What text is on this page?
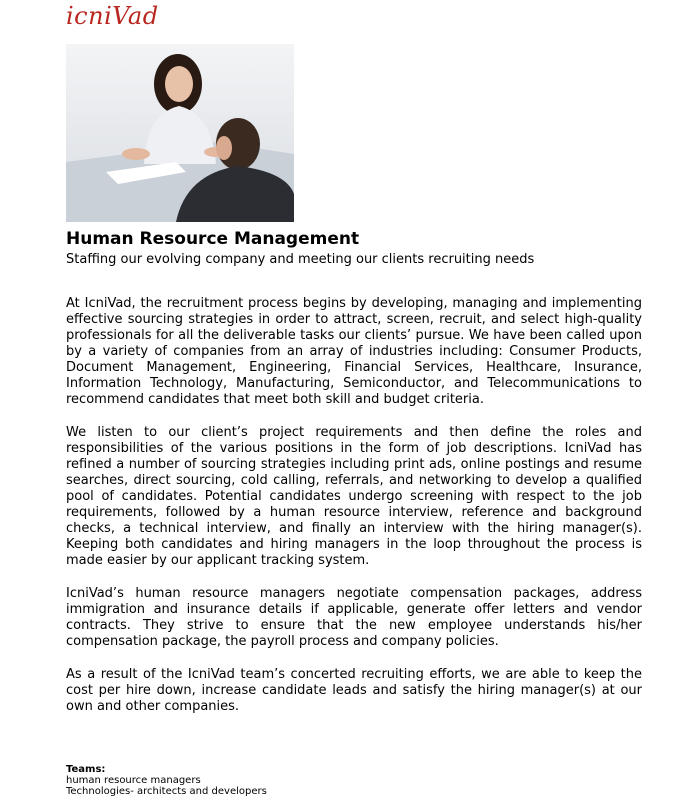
icniVad
Human Resource Management
Staffing our evolving company and meeting our clients recruiting needs

At IcniVad, the recruitment process begins by developing, managing and implementing effective sourcing strategies in order to attract, screen, recruit, and select high-quality professionals for all the deliverable tasks our clients’ pursue. We have been called upon by a variety of companies from an array of industries including: Consumer Products, Document Management, Engineering, Financial Services, Healthcare, Insurance, Information Technology, Manufacturing, Semiconductor, and Telecommunications to recommend candidates that meet both skill and budget criteria.

We listen to our client’s project requirements and then define the roles and responsibilities of the various positions in the form of job descriptions. IcniVad has refined a number of sourcing strategies including print ads, online postings and resume searches, direct sourcing, cold calling, referrals, and networking to develop a qualified pool of candidates. Potential candidates undergo screening with respect to the job requirements, followed by a human resource interview, reference and background checks, a technical interview, and finally an interview with the hiring manager(s). Keeping both candidates and hiring managers in the loop throughout the process is made easier by our applicant tracking system.

IcniVad’s human resource managers negotiate compensation packages, address immigration and insurance details if applicable, generate offer letters and vendor contracts. They strive to ensure that the new employee understands his/her compensation package, the payroll process and company policies.

As a result of the IcniVad team’s concerted recruiting efforts, we are able to keep the cost per hire down, increase candidate leads and satisfy the hiring manager(s) at our own and other companies.

Teams:
human resource managers
Technologies- architects and developers
